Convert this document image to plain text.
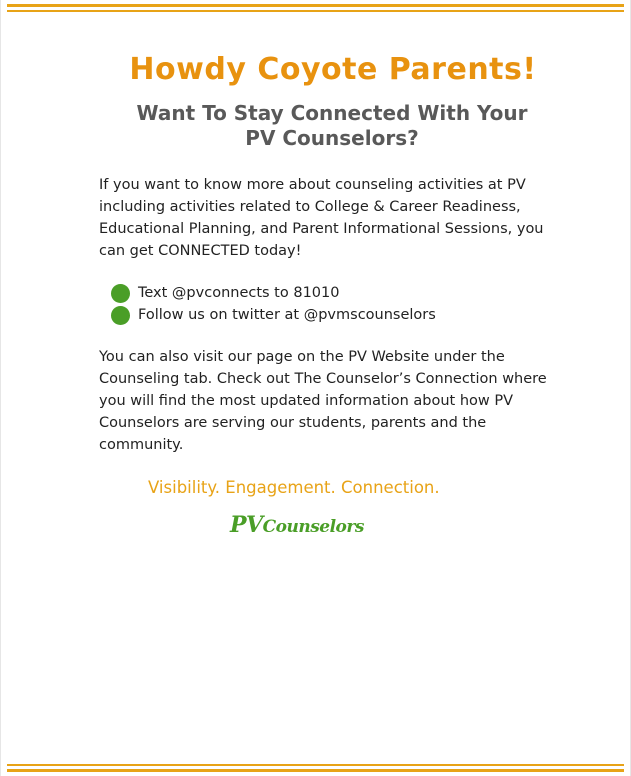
Howdy Coyote Parents!
Want To Stay Connected With Your
PV Counselors?
If you want to know more about counseling activities at PV including activities related to College & Career Readiness, Educational Planning, and Parent Informational Sessions, you can get CONNECTED today!
Text @pvconnects to 81010
Follow us on twitter at @pvmscounselors
You can also visit our page on the PV Website under the Counseling tab. Check out The Counselor’s Connection where you will find the most updated information about how PV Counselors are serving our students, parents and the community.
Visibility. Engagement. Connection.
PVCounselors
